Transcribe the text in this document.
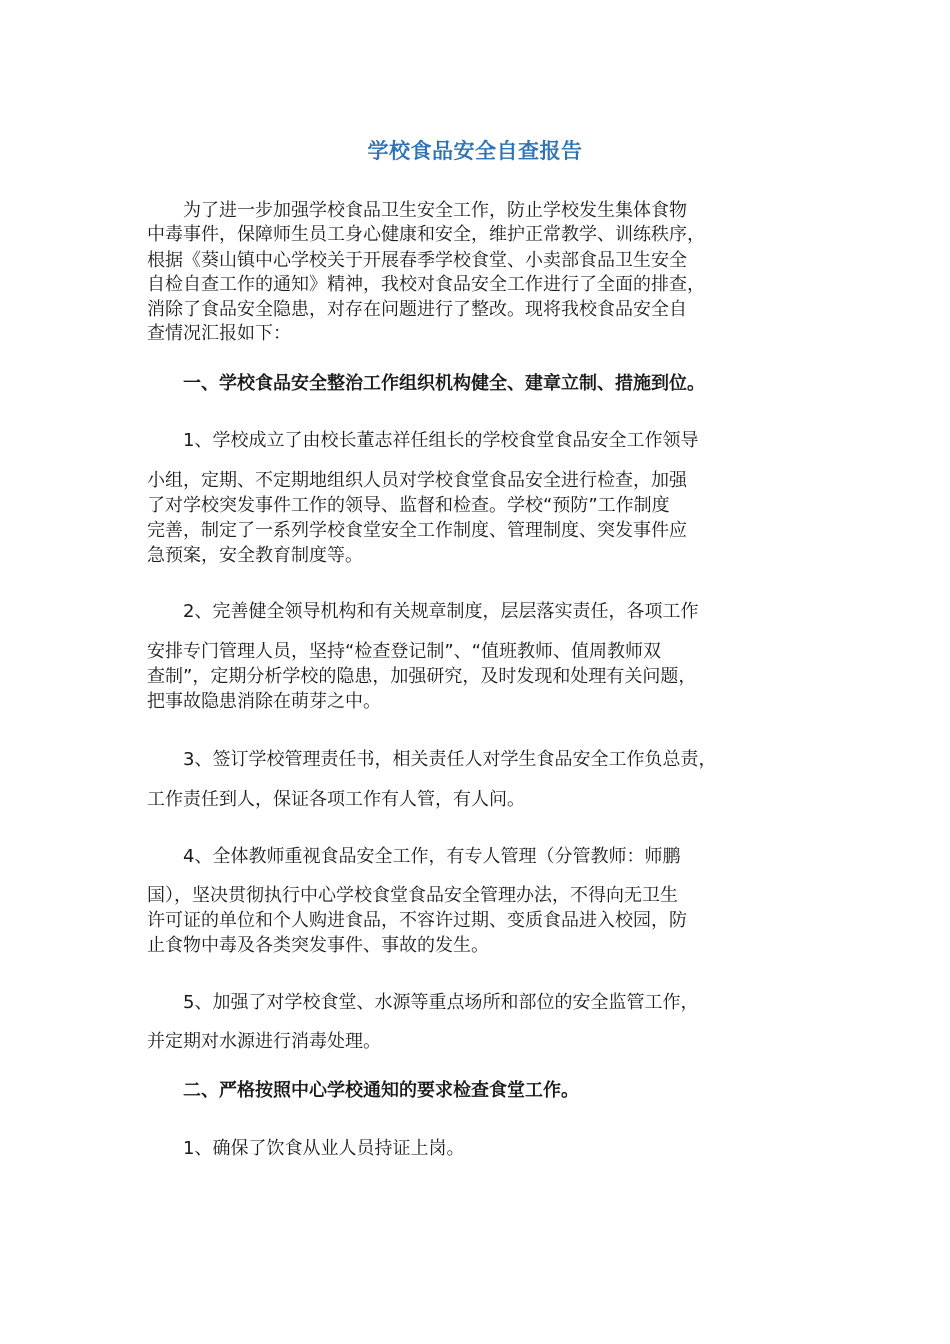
学校食品安全自查报告
为了进一步加强学校食品卫生安全工作，防止学校发生集体食物
中毒事件，保障师生员工身心健康和安全，维护正常教学、训练秩序，
根据《葵山镇中心学校关于开展春季学校食堂、小卖部食品卫生安全
自检自查工作的通知》精神，我校对食品安全工作进行了全面的排查，
消除了食品安全隐患，对存在问题进行了整改。现将我校食品安全自
查情况汇报如下：
一、学校食品安全整治工作组织机构健全、建章立制、措施到位。
1、学校成立了由校长董志祥任组长的学校食堂食品安全工作领导
小组，定期、不定期地组织人员对学校食堂食品安全进行检查，加强
了对学校突发事件工作的领导、监督和检查。学校“预防”工作制度
完善，制定了一系列学校食堂安全工作制度、管理制度、突发事件应
急预案，安全教育制度等。
2、完善健全领导机构和有关规章制度，层层落实责任，各项工作
安排专门管理人员，坚持“检查登记制”、“值班教师、值周教师双
查制”，定期分析学校的隐患，加强研究，及时发现和处理有关问题，
把事故隐患消除在萌芽之中。
3、签订学校管理责任书，相关责任人对学生食品安全工作负总责，
工作责任到人，保证各项工作有人管，有人问。
4、全体教师重视食品安全工作，有专人管理（分管教师：师鹏
国），坚决贯彻执行中心学校食堂食品安全管理办法，不得向无卫生
许可证的单位和个人购进食品，不容许过期、变质食品进入校园，防
止食物中毒及各类突发事件、事故的发生。
5、加强了对学校食堂、水源等重点场所和部位的安全监管工作，
并定期对水源进行消毒处理。
二、严格按照中心学校通知的要求检查食堂工作。
1、确保了饮食从业人员持证上岗。
